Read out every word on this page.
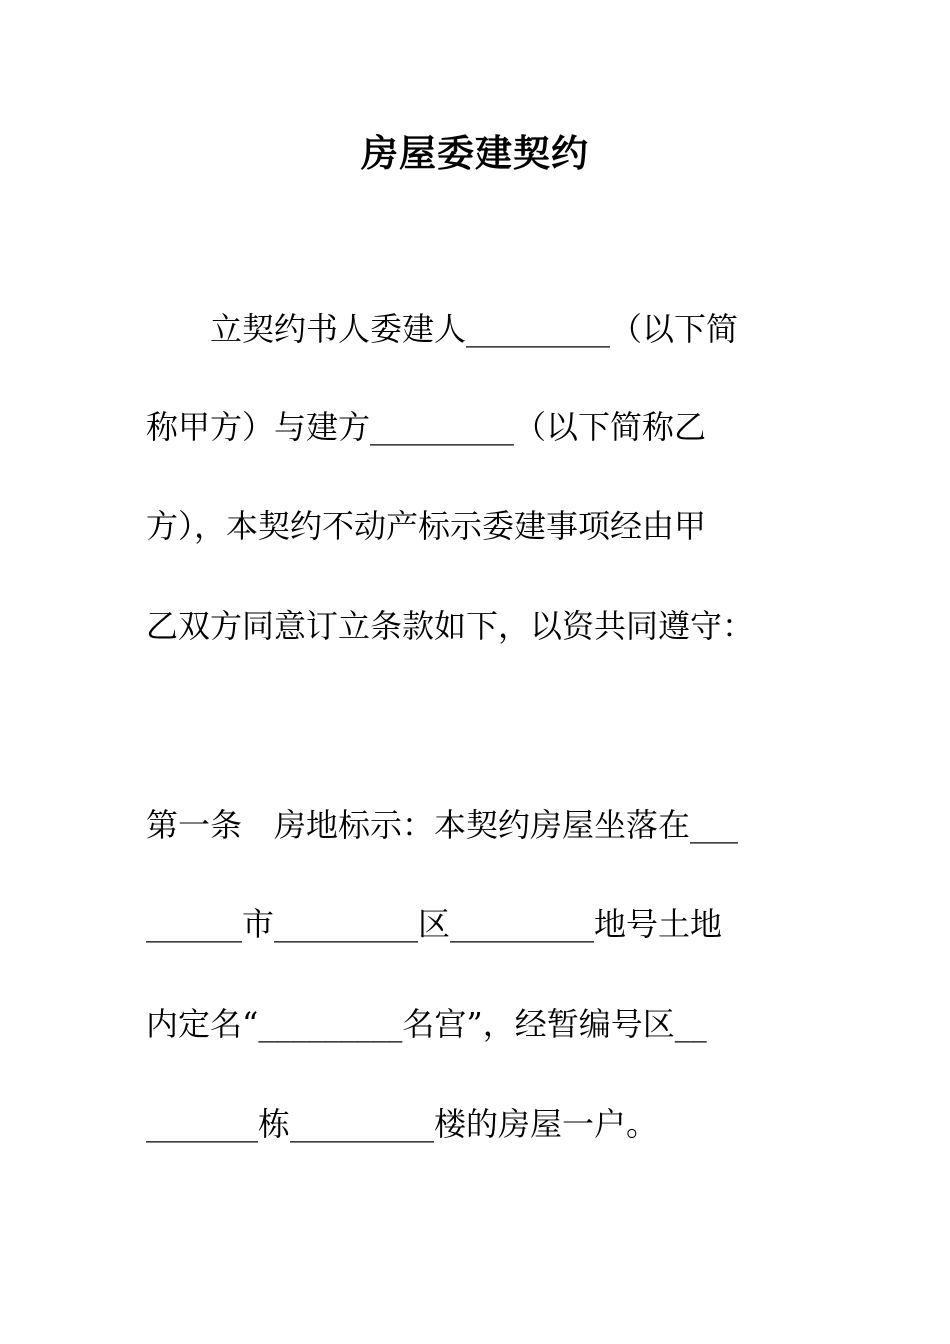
房屋委建契约
　　立契约书人委建人_________（以下简
称甲方）与建方_________（以下简称乙
方），本契约不动产标示委建事项经由甲
乙双方同意订立条款如下，以资共同遵守：
第一条　房地标示：本契约房屋坐落在___
______市_________区_________地号土地
内定名“_________名宫”，经暂编号区__
_______栋_________楼的房屋一户。
